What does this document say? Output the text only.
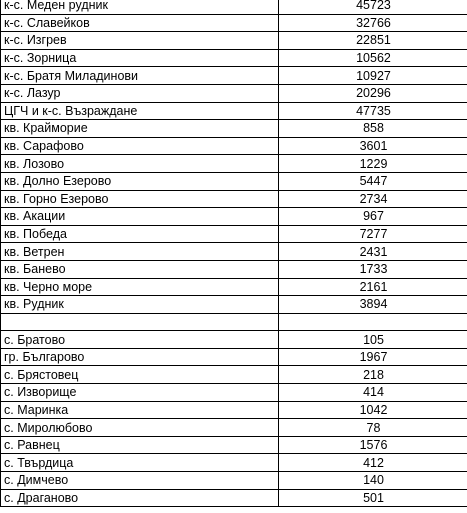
к-с. Меден рудник	45723
к-с. Славейков	32766
к-с. Изгрев	22851
к-с. Зорница	10562
к-с. Братя Миладинови	10927
к-с. Лазур	20296
ЦГЧ и к-с. Възраждане	47735
кв. Крайморие	858
кв. Сарафово	3601
кв. Лозово	1229
кв. Долно Езерово	5447
кв. Горно Езерово	2734
кв. Акации	967
кв. Победа	7277
кв. Ветрен	2431
кв. Банево	1733
кв. Черно море	2161
кв. Рудник	3894

с. Братово	105
гр. Българово	1967
с. Брястовец	218
с. Изворище	414
с. Маринка	1042
с. Миролюбово	78
с. Равнец	1576
с. Твърдица	412
с. Димчево	140
с. Драганово	501
